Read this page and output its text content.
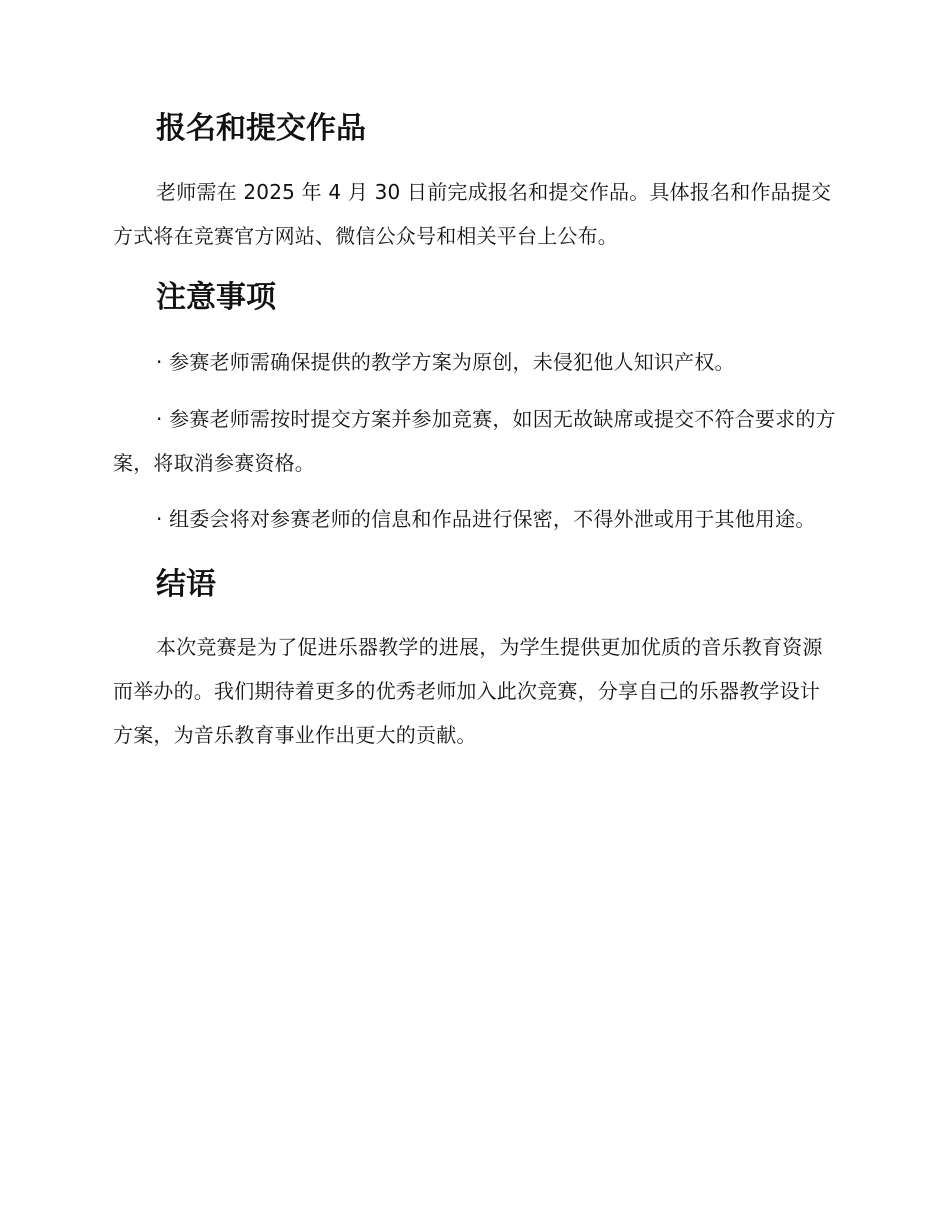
报名和提交作品

老师需在 2025 年 4 月 30 日前完成报名和提交作品。具体报名和作品提交方式将在竞赛官方网站、微信公众号和相关平台上公布。

注意事项

· 参赛老师需确保提供的教学方案为原创，未侵犯他人知识产权。

· 参赛老师需按时提交方案并参加竞赛，如因无故缺席或提交不符合要求的方案，将取消参赛资格。

· 组委会将对参赛老师的信息和作品进行保密，不得外泄或用于其他用途。

结语

本次竞赛是为了促进乐器教学的进展，为学生提供更加优质的音乐教育资源而举办的。我们期待着更多的优秀老师加入此次竞赛，分享自己的乐器教学设计方案，为音乐教育事业作出更大的贡献。
